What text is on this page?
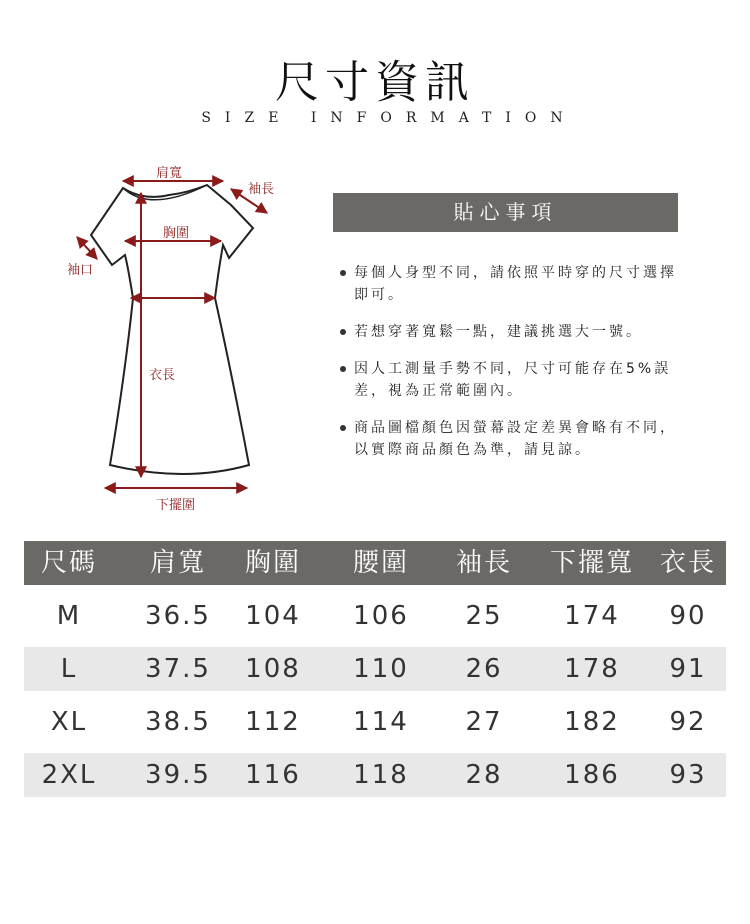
尺寸資訊
SIZE INFORMATION
肩寬
袖長
胸圍
袖口
衣長
下擺圍
貼心事項
每個人身型不同，請依照平時穿的尺寸選擇即可。
若想穿著寬鬆一點，建議挑選大一號。
因人工測量手勢不同，尺寸可能存在5%誤差，視為正常範圍內。
商品圖檔顏色因螢幕設定差異會略有不同，以實際商品顏色為準，請見諒。
尺碼	肩寬	胸圍	腰圍	袖長	下擺寬 衣長
M	36.5	104	106	25	174	90
L	37.5	108	110	26	178	91
XL	38.5	112	114	27	182	92
2XL	39.5	116	118	28	186	93
